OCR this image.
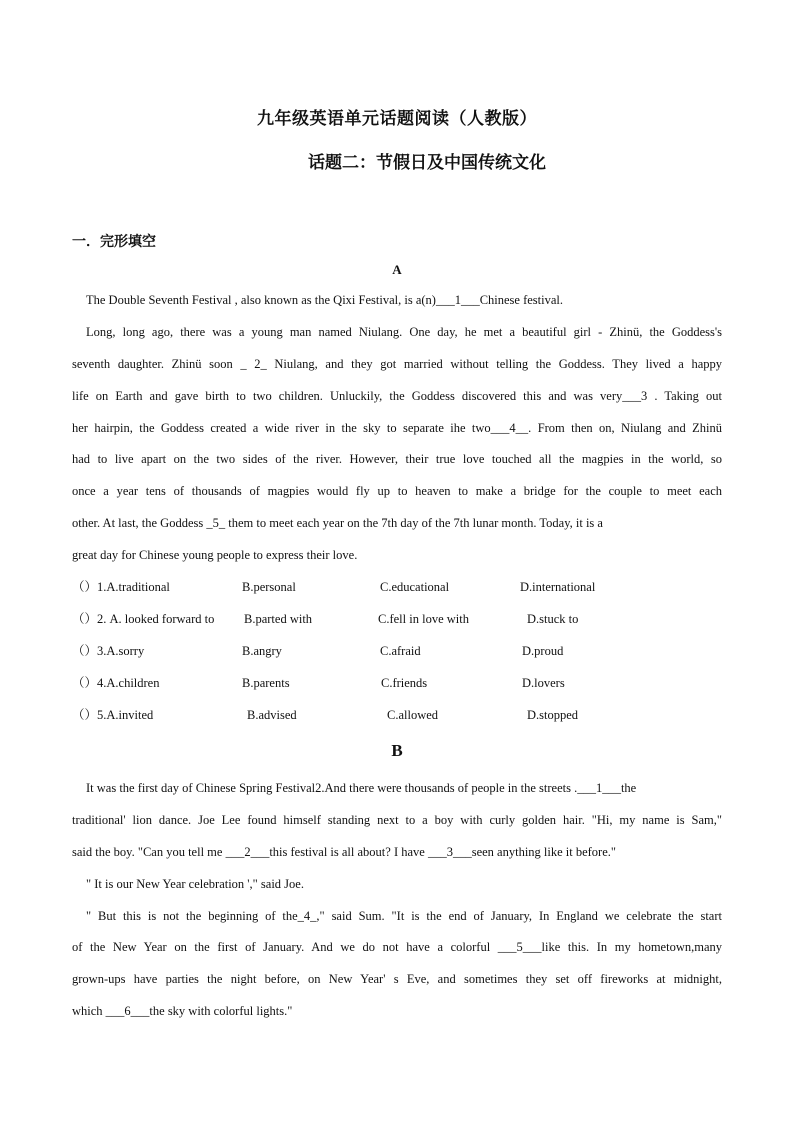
九年级英语单元话题阅读（人教版）
话题二：节假日及中国传统文化
一．完形填空
A
The Double Seventh Festival , also known as the Qixi Festival, is a(n)___1___Chinese festival.
Long, long ago, there was a young man named Niulang. One day, he met a beautiful girl - Zhinü, the Goddess's
seventh daughter. Zhinü soon _ 2_ Niulang, and they got married without telling the Goddess. They lived a happy
life on Earth and gave birth to two children. Unluckily, the Goddess discovered this and was very___3 . Taking out
her hairpin, the Goddess created a wide river in the sky to separate ihe two___4__. From then on, Niulang and Zhinü
had to live apart on the two sides of the river. However, their true love touched all the magpies in the world, so
once a year tens of thousands of magpies would fly up to heaven to make a bridge for the couple to meet each
other. At last, the Goddess _5_ them to meet each year on the 7th day of the 7th lunar month. Today, it is a
great day for Chinese young people to express their love.
（）1.A.traditional	B.personal	C.educational	D.international
（）2. A. looked forward to B.parted with	C.fell in love with	D.stuck to
（）3.A.sorry	B.angry	C.afraid	D.proud
（）4.A.children	B.parents	C.friends	D.lovers
（）5.A.invited	B.advised	C.allowed	D.stopped
B
It was the first day of Chinese Spring Festival2.And there were thousands of people in the streets .___1___the
traditional' lion dance. Joe Lee found himself standing next to a boy with curly golden hair. "Hi, my name is Sam,"
said the boy. "Can you tell me ___2___this festival is all about? I have ___3___seen anything like it before."
" It is our New Year celebration '," said Joe.
" But this is not the beginning of the_4_," said Sum. "It is the end of January, In England we celebrate the start
of the New Year on the first of January. And we do not have a colorful ___5___like this. In my hometown,many
grown-ups have parties the night before, on New Year' s Eve, and sometimes they set off fireworks at midnight,
which ___6___the sky with colorful lights."
